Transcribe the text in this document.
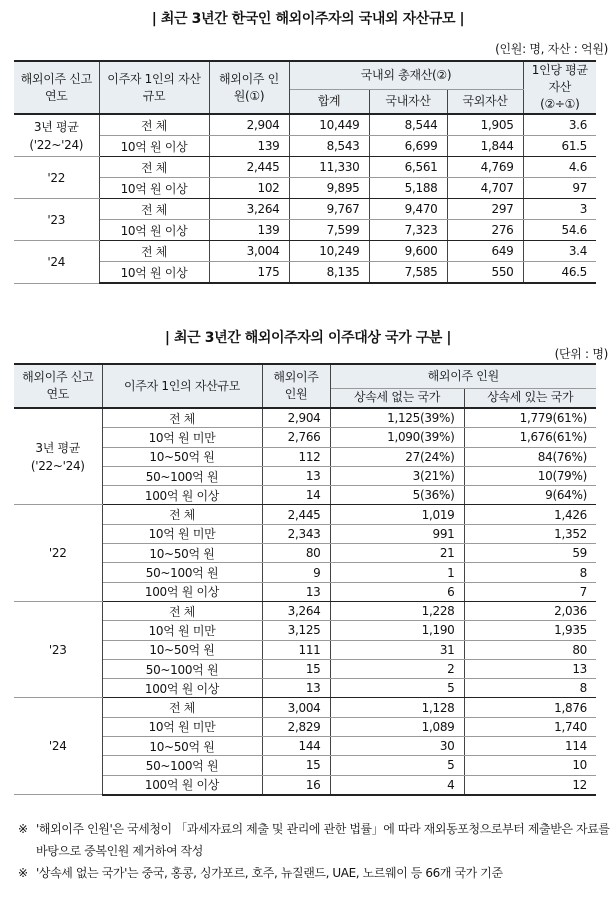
| 최근 3년간 한국인 해외이주자의 국내외 자산규모 |
(인원: 명, 자산 : 억원)
해외이주 신고연도	이주자 1인의 자산규모	해외이주 인원(①)	국내외 총재산(②)			1인당 평균자산 (②÷①)
			합계	국내자산	국외자산	
3년 평균 ('22~'24)	전 체	2,904	10,449	8,544	1,905	3.6
	10억 원 이상	139	8,543	6,699	1,844	61.5
'22	전 체	2,445	11,330	6,561	4,769	4.6
	10억 원 이상	102	9,895	5,188	4,707	97
'23	전 체	3,264	9,767	9,470	297	3
	10억 원 이상	139	7,599	7,323	276	54.6
'24	전 체	3,004	10,249	9,600	649	3.4
	10억 원 이상	175	8,135	7,585	550	46.5
| 최근 3년간 해외이주자의 이주대상 국가 구분 |
(단위 : 명)
해외이주 신고연도	이주자 1인의 자산규모	해외이주 인원	해외이주 인원	
			상속세 없는 국가	상속세 있는 국가
3년 평균 ('22~'24)	전 체	2,904	1,125(39%)	1,779(61%)
	10억 원 미만	2,766	1,090(39%)	1,676(61%)
	10~50억 원	112	27(24%)	84(76%)
	50~100억 원	13	3(21%)	10(79%)
	100억 원 이상	14	5(36%)	9(64%)
'22	전 체	2,445	1,019	1,426
	10억 원 미만	2,343	991	1,352
	10~50억 원	80	21	59
	50~100억 원	9	1	8
	100억 원 이상	13	6	7
'23	전 체	3,264	1,228	2,036
	10억 원 미만	3,125	1,190	1,935
	10~50억 원	111	31	80
	50~100억 원	15	2	13
	100억 원 이상	13	5	8
'24	전 체	3,004	1,128	1,876
	10억 원 미만	2,829	1,089	1,740
	10~50억 원	144	30	114
	50~100억 원	15	5	10
	100억 원 이상	16	4	12
※ '해외이주 인원'은 국세청이 「과세자료의 제출 및 관리에 관한 법률」에 따라 재외동포청으로부터 제출받은 자료를 바탕으로 중복인원 제거하여 작성
※ '상속세 없는 국가'는 중국, 홍콩, 싱가포르, 호주, 뉴질랜드, UAE, 노르웨이 등 66개 국가 기준
